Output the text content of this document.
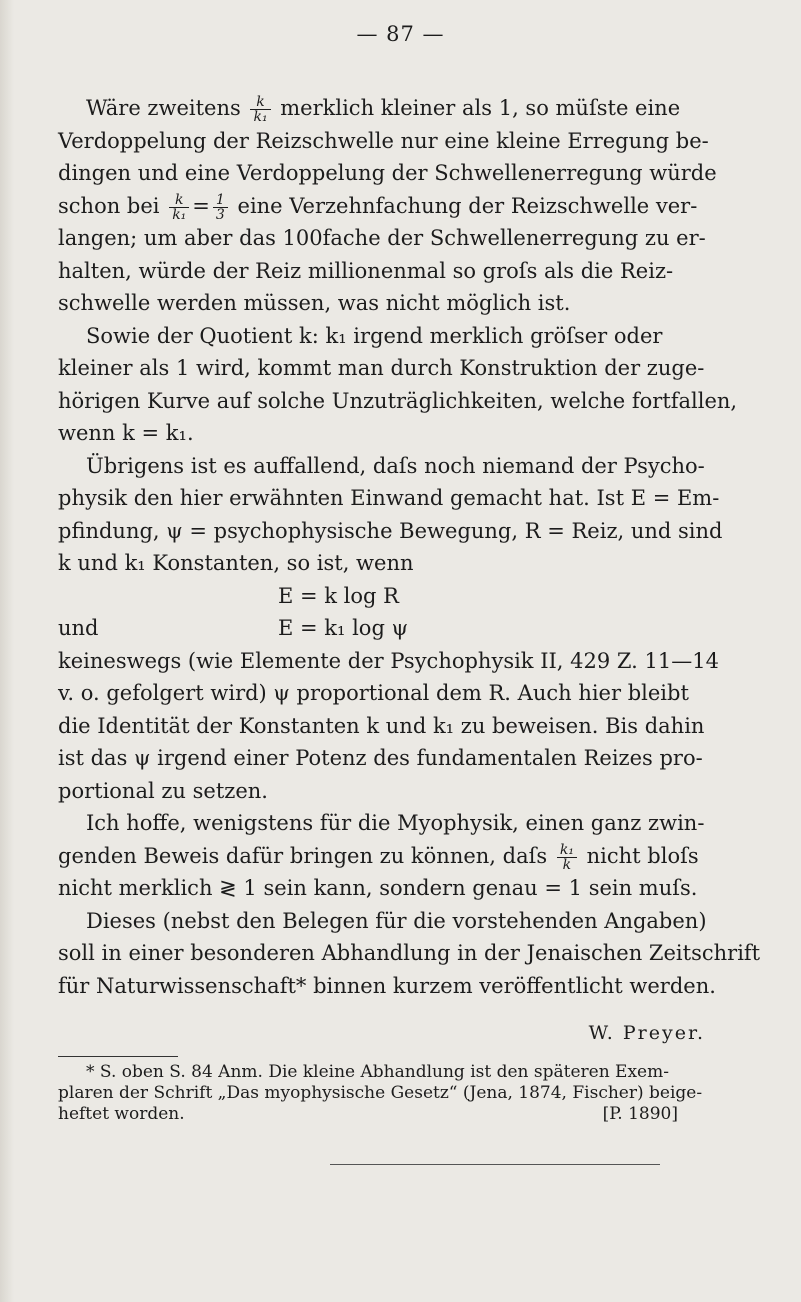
— 87 —
Wäre zweitens $\frac{k}{\text{k₁}}$ merklich kleiner als 1, so müſste eine
Verdoppelung der Reizschwelle nur eine kleine Erregung be-
dingen und eine Verdoppelung der Schwellenerregung würde
schon bei $\frac{k}{\text{k₁}} = \frac{1}{3}$ eine Verzehnfachung der Reizschwelle ver-
langen; um aber das 100fache der Schwellenerregung zu er-
halten, würde der Reiz millionenmal so groſs als die Reiz-
schwelle werden müssen, was nicht möglich ist.
Sowie der Quotient k: k₁ irgend merklich gröſser oder
kleiner als 1 wird, kommt man durch Konstruktion der zuge-
hörigen Kurve auf solche Unzuträglichkeiten, welche fortfallen,
wenn k = k₁.
Übrigens ist es auffallend, daſs noch niemand der Psycho-
physik den hier erwähnten Einwand gemacht hat. Ist E = Em-
pfindung, ψ = psychophysische Bewegung, R = Reiz, und sind
k und k₁ Konstanten, so ist, wenn
E = k log R
und	E = k₁ log ψ
keineswegs (wie Elemente der Psychophysik II, 429 Z. 11—14
v. o. gefolgert wird) ψ proportional dem R. Auch hier bleibt
die Identität der Konstanten k und k₁ zu beweisen. Bis dahin
ist das ψ irgend einer Potenz des fundamentalen Reizes pro-
portional zu setzen.
Ich hoffe, wenigstens für die Myophysik, einen ganz zwin-
genden Beweis dafür bringen zu können, daſs $\frac{\text{k₁}}{k}$ nicht bloſs
nicht merklich ≷ 1 sein kann, sondern genau = 1 sein muſs.
Dieses (nebst den Belegen für die vorstehenden Angaben)
soll in einer besonderen Abhandlung in der Jenaischen Zeitschrift
für Naturwissenschaft* binnen kurzem veröffentlicht werden.
W. Preyer.
* S. oben S. 84 Anm. Die kleine Abhandlung ist den späteren Exem-
plaren der Schrift „Das myophysische Gesetz“ (Jena, 1874, Fischer) beige-
heftet worden.	[P. 1890]
